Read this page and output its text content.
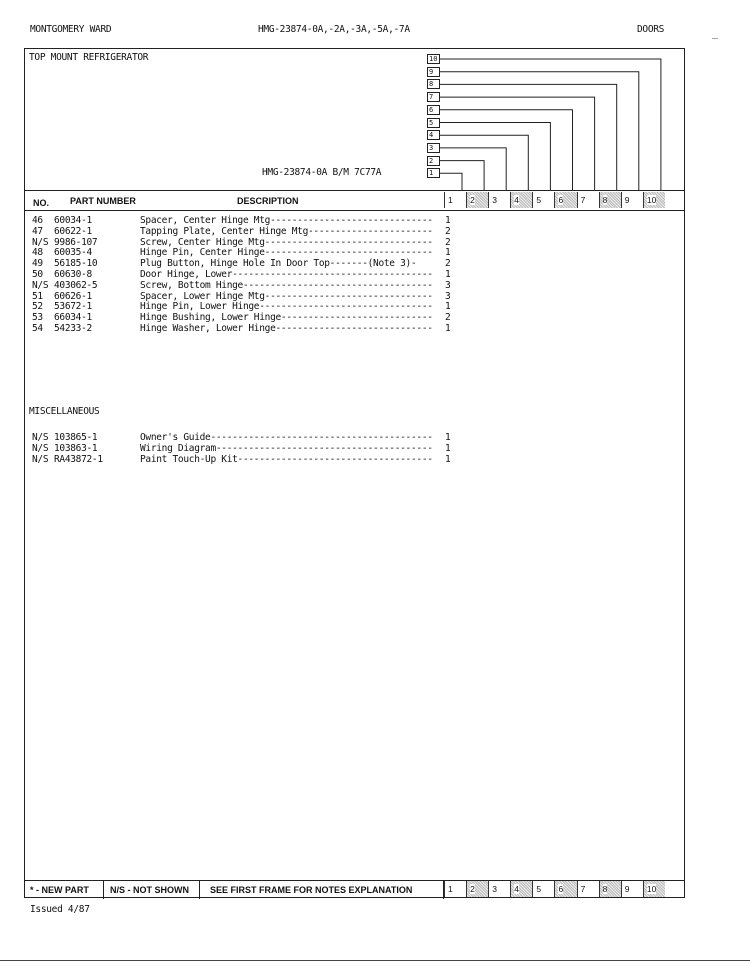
MONTGOMERY WARD	HMG-23874-0A,-2A,-3A,-5A,-7A	DOORS	_
TOP MOUNT REFRIGERATOR
HMG-23874-0A B/M 7C77A
10
9
8
7
6
5
4
3
2
1
NO. PART NUMBER	DESCRIPTION	1 2 3 4 5 6 7 8 9 10
46 60034-1	Spacer, Center Hinge Mtg------------------------------	1
47 60622-1	Tapping Plate, Center Hinge Mtg-----------------------	2
N/S 9986-107	Screw, Center Hinge Mtg-------------------------------	2
48 60035-4	Hinge Pin, Center Hinge-------------------------------	1
49 56185-10	Plug Button, Hinge Hole In Door Top-------(Note 3)-	2
50 60630-8	Door Hinge, Lower-------------------------------------	1
N/S 403062-5	Screw, Bottom Hinge-----------------------------------	3
51 60626-1	Spacer, Lower Hinge Mtg-------------------------------	3
52 53672-1	Hinge Pin, Lower Hinge--------------------------------	1
53 66034-1	Hinge Bushing, Lower Hinge----------------------------	2
54 54233-2	Hinge Washer, Lower Hinge-----------------------------	1
MISCELLANEOUS
N/S 103865-1	Owner's Guide-----------------------------------------	1
N/S 103863-1	Wiring Diagram----------------------------------------	1
N/S RA43872-1	Paint Touch-Up Kit------------------------------------	1
* - NEW PART	N/S - NOT SHOWN	SEE FIRST FRAME FOR NOTES EXPLANATION	1 2 3 4 5 6 7 8 9 10
Issued 4/87
